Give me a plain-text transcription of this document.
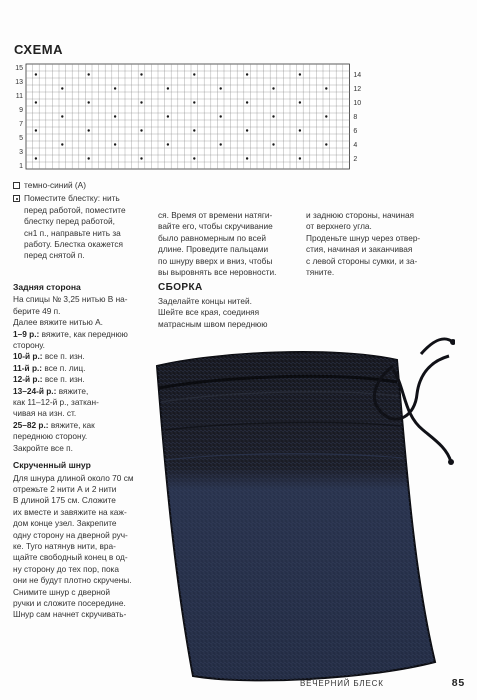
СХЕМА
15
13
11
9
7
5
3
1
14
12
10
8
6
4
2
темно-синий (А)
Поместите блестку: нить
перед работой, поместите
блестку перед работой,
сн1 п., направьте нить за
работу. Блестка окажется
перед снятой п.
Задняя сторона
На спицы № 3,25 нитью В на-
берите 49 п.
Далее вяжите нитью А.
1–9 р.: вяжите, как переднюю
сторону.
10-й р.: все п. изн.
11-й р.: все п. лиц.
12-й р.: все п. изн.
13–24-й р.: вяжите,
как 11–12-й р., заткан-
чивая на изн. ст.
25–82 р.: вяжите, как
переднюю сторону.
Закройте все п.
Скрученный шнур
Для шнура длиной около 70 см
отрежьте 2 нити А и 2 нити
В длиной 175 см. Сложите
их вместе и завяжите на каж-
дом конце узел. Закрепите
одну сторону на дверной руч-
ке. Туго натянув нити, вра-
щайте свободный конец в од-
ну сторону до тех пор, пока
они не будут плотно скручены.
Снимите шнур с дверной
ручки и сложите посередине.
Шнур сам начнет скручивать-
ся. Время от времени натяги-
вайте его, чтобы скручивание
было равномерным по всей
длине. Проведите пальцами
по шнуру вверх и вниз, чтобы
вы выровнять все неровности.
СБОРКА
Заделайте концы нитей.
Шейте все края, соединяя
матрасным швом переднюю
и заднюю стороны, начиная
от верхнего угла.
Проденьте шнур через отвер-
стия, начиная и заканчивая
с левой стороны сумки, и за-
тяните.
ВЕЧЕРНИЙ БЛЕСК	85
